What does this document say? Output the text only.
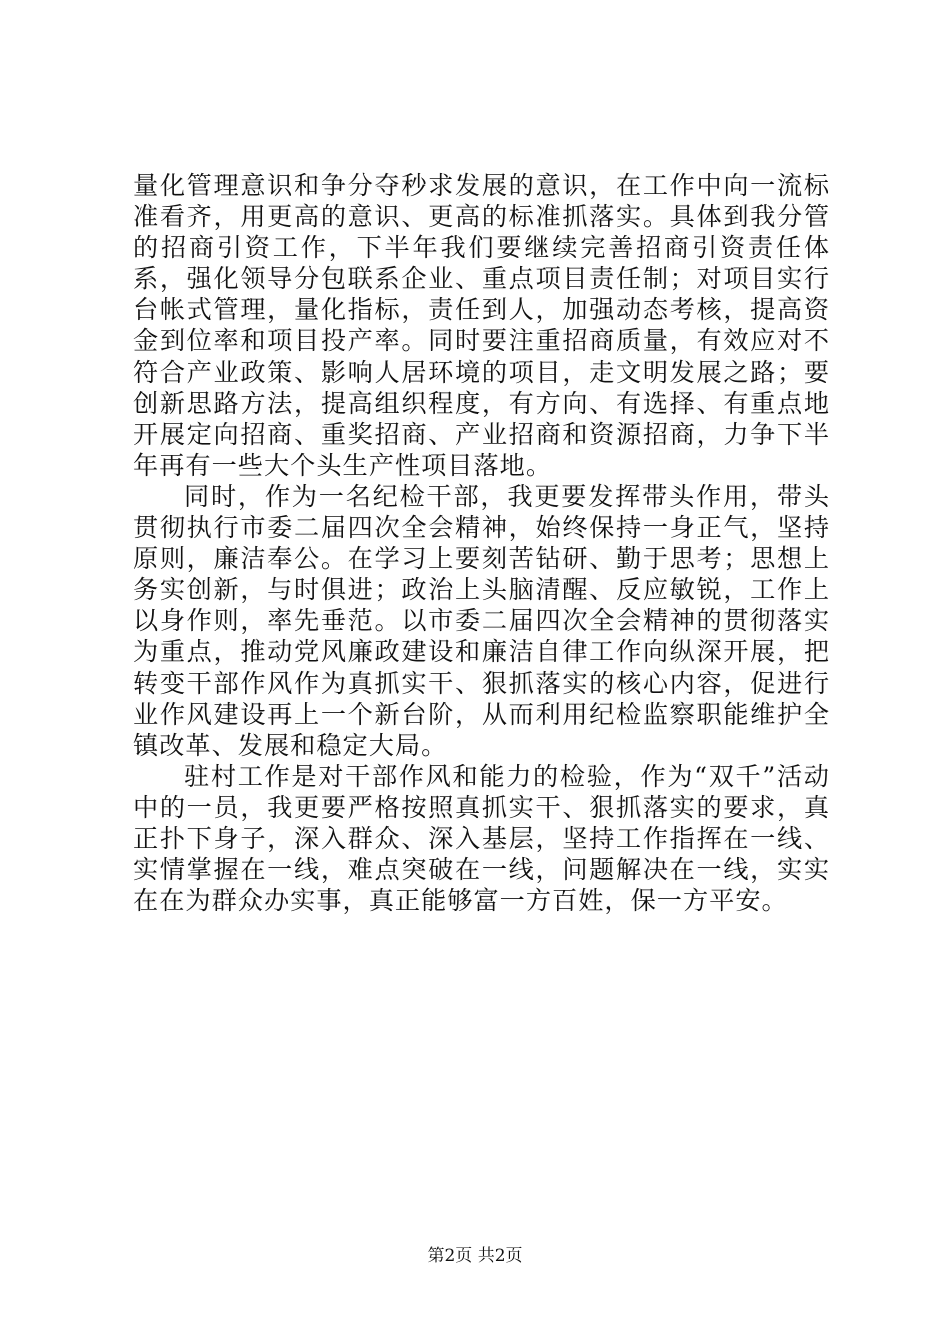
量化管理意识和争分夺秒求发展的意识，在工作中向一流标准看齐，用更高的意识、更高的标准抓落实。具体到我分管的招商引资工作，下半年我们要继续完善招商引资责任体系，强化领导分包联系企业、重点项目责任制；对项目实行台帐式管理，量化指标，责任到人，加强动态考核，提高资金到位率和项目投产率。同时要注重招商质量，有效应对不符合产业政策、影响人居环境的项目，走文明发展之路；要创新思路方法，提高组织程度，有方向、有选择、有重点地开展定向招商、重奖招商、产业招商和资源招商，力争下半年再有一些大个头生产性项目落地。

同时，作为一名纪检干部，我更要发挥带头作用，带头贯彻执行市委二届四次全会精神，始终保持一身正气，坚持原则，廉洁奉公。在学习上要刻苦钻研、勤于思考；思想上务实创新，与时俱进；政治上头脑清醒、反应敏锐，工作上以身作则，率先垂范。以市委二届四次全会精神的贯彻落实为重点，推动党风廉政建设和廉洁自律工作向纵深开展，把转变干部作风作为真抓实干、狠抓落实的核心内容，促进行业作风建设再上一个新台阶，从而利用纪检监察职能维护全镇改革、发展和稳定大局。

驻村工作是对干部作风和能力的检验，作为“双千”活动中的一员，我更要严格按照真抓实干、狠抓落实的要求，真正扑下身子，深入群众、深入基层，坚持工作指挥在一线、实情掌握在一线，难点突破在一线，问题解决在一线，实实在在为群众办实事，真正能够富一方百姓，保一方平安。

第2页 共2页
